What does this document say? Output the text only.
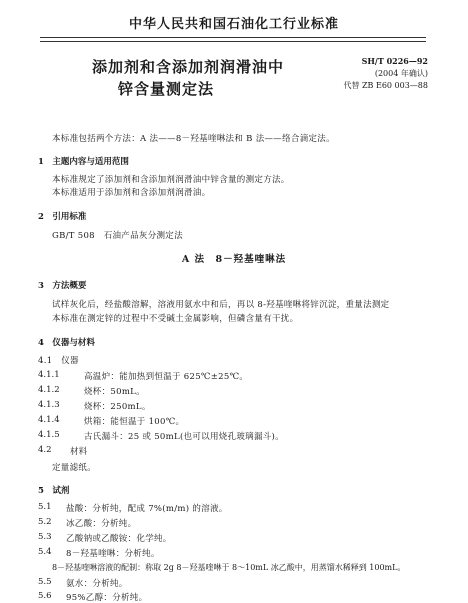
中华人民共和国石油化工行业标准
添加剂和含添加剂润滑油中
锌含量测定法
SH/T 0226—92
(2004 年确认)
代替 ZB E60 003—88
本标准包括两个方法：A 法——8－羟基喹啉法和 B 法——络合滴定法。
1　主题内容与适用范围
本标准规定了添加剂和含添加剂润滑油中锌含量的测定方法。
本标准适用于添加剂和含添加剂润滑油。
2　引用标准
GB/T 508　石油产品灰分测定法
A 法　8－羟基喹啉法
3　方法概要
试样灰化后，经盐酸溶解，溶液用氨水中和后，再以 8-羟基喹啉将锌沉淀，重量法测定
本标准在测定锌的过程中不受碱土金属影响，但磷含量有干扰。
4　仪器与材料
4.1　仪器
4.1.1	高温炉：能加热到恒温于 625℃±25℃。
4.1.2	烧杯：50mL。
4.1.3	烧杯：250mL。
4.1.4	烘箱：能恒温于 100℃。
4.1.5	古氏漏斗：25 或 50mL(也可以用烧孔玻璃漏斗)。
4.2 材料
定量滤纸。
5　试剂
5.1 盐酸：分析纯，配成 7%(m/m) 的溶液。
5.2 冰乙酸：分析纯。
5.3 乙酸钠或乙酸铵：化学纯。
5.4 8－羟基喹啉：分析纯。
8－羟基喹啉溶液的配制：称取 2g 8－羟基喹啉于 8～10mL 冰乙酸中，用蒸馏水稀释到 100mL。
5.5 氨水：分析纯。
5.6 95%乙醇：分析纯。
